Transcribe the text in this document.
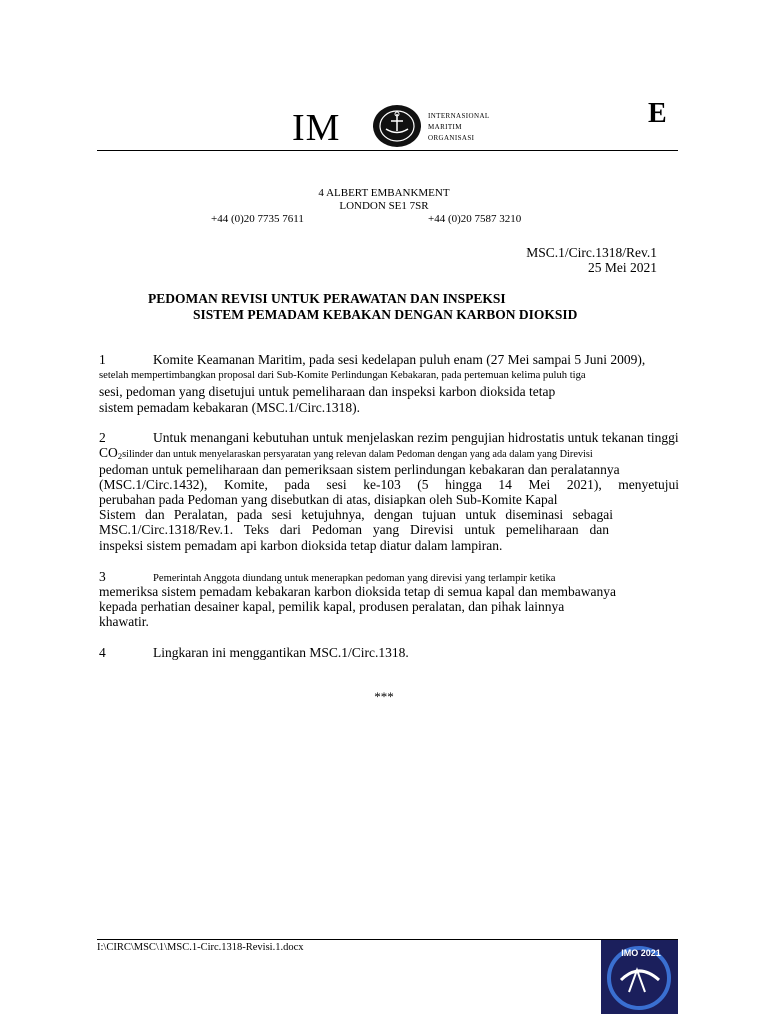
IM	INTERNASIONAL
MARITIM
ORGANISASI
E
4 ALBERT EMBANKMENT
LONDON SE1 7SR
+44 (0)20 7735 7611	+44 (0)20 7587 3210
MSC.1/Circ.1318/Rev.1
25 Mei 2021
PEDOMAN REVISI UNTUK PERAWATAN DAN INSPEKSI
SISTEM PEMADAM KEBAKAN DENGAN KARBON DIOKSID
1	Komite Keamanan Maritim, pada sesi kedelapan puluh enam (27 Mei sampai 5 Juni 2009),
setelah mempertimbangkan proposal dari Sub-Komite Perlindungan Kebakaran, pada pertemuan kelima puluh tiga
sesi, pedoman yang disetujui untuk pemeliharaan dan inspeksi karbon dioksida tetap
sistem pemadam kebakaran (MSC.1/Circ.1318).
2	Untuk menangani kebutuhan untuk menjelaskan rezim pengujian hidrostatis untuk tekanan tinggi
$CO_2silinder$ dan untuk menyelaraskan persyaratan yang relevan dalam Pedoman dengan yang ada dalam yang Direvisi
pedoman untuk pemeliharaan dan pemeriksaan sistem perlindungan kebakaran dan peralatannya
(MSC.1/Circ.1432), Komite, pada sesi ke-103 (5 hingga 14 Mei 2021), menyetujui
perubahan pada Pedoman yang disebutkan di atas, disiapkan oleh Sub-Komite Kapal
Sistem dan Peralatan, pada sesi ketujuhnya, dengan tujuan untuk diseminasi sebagai
MSC.1/Circ.1318/Rev.1. Teks dari Pedoman yang Direvisi untuk pemeliharaan dan
inspeksi sistem pemadam api karbon dioksida tetap diatur dalam lampiran.
3	Pemerintah Anggota diundang untuk menerapkan pedoman yang direvisi yang terlampir ketika
memeriksa sistem pemadam kebakaran karbon dioksida tetap di semua kapal dan membawanya
kepada perhatian desainer kapal, pemilik kapal, produsen peralatan, dan pihak lainnya
khawatir.
4	Lingkaran ini menggantikan MSC.1/Circ.1318.
***
I:\CIRC\MSC\1\MSC.1-Circ.1318-Revisi.1.docx	IMO 2021
